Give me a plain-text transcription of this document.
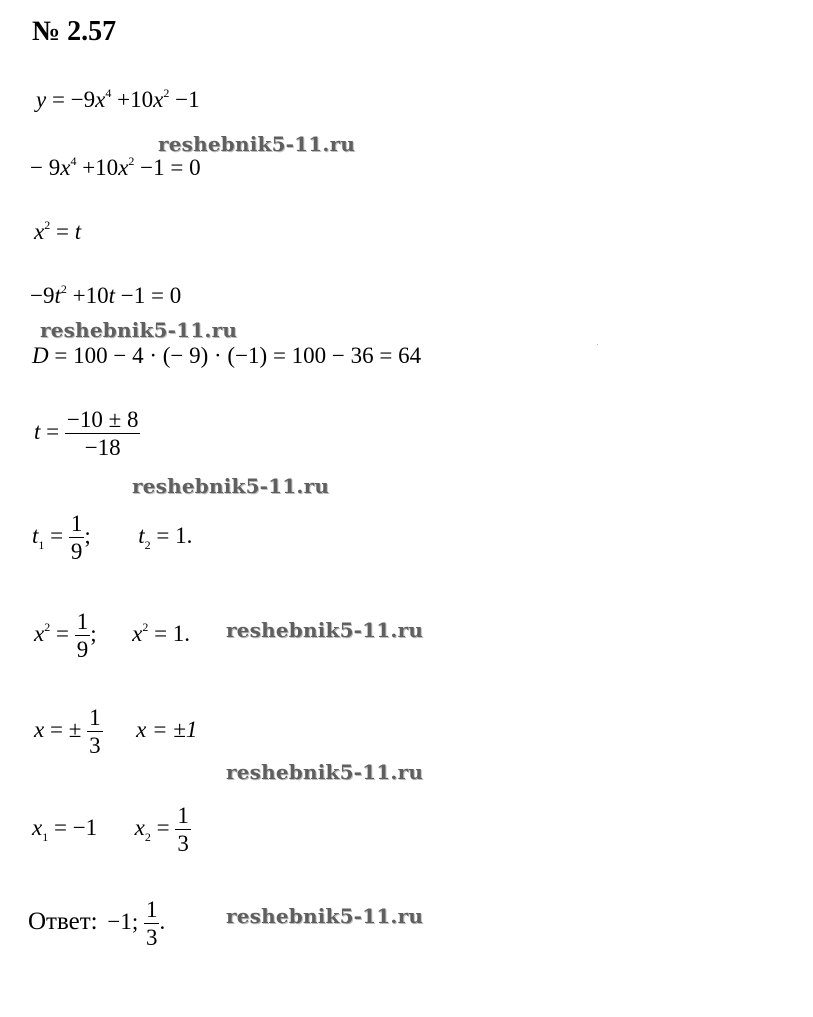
№ 2.57
$y = -9x^4 +10x^2 -1$
reshebnik5-11.ru
− $9x^4 +10x^2 -1 = 0$
$x^2 = t$
$-9t^2 +10t -1 = 0$
reshebnik5-11.ru
D = 100 − 4 · (− 9) · (−1) = 100 − 36 = 64
$t = \frac{-10 \pm 8}{-18}$
reshebnik5-11.ru
$t_1 = \frac{1}{9}$ ;  $t_2 = 1$.
$x^2 = \frac{1}{9}$ ;  $x^2 = 1$. reshebnik5-11.ru
x = ± $\frac{1}{3}$ x = ±1
reshebnik5-11.ru
$x_1 = -1$ $x_2 = \frac{1}{3}$
Ответ: −1; $\frac{1}{3}$ .	reshebnik5-11.ru
